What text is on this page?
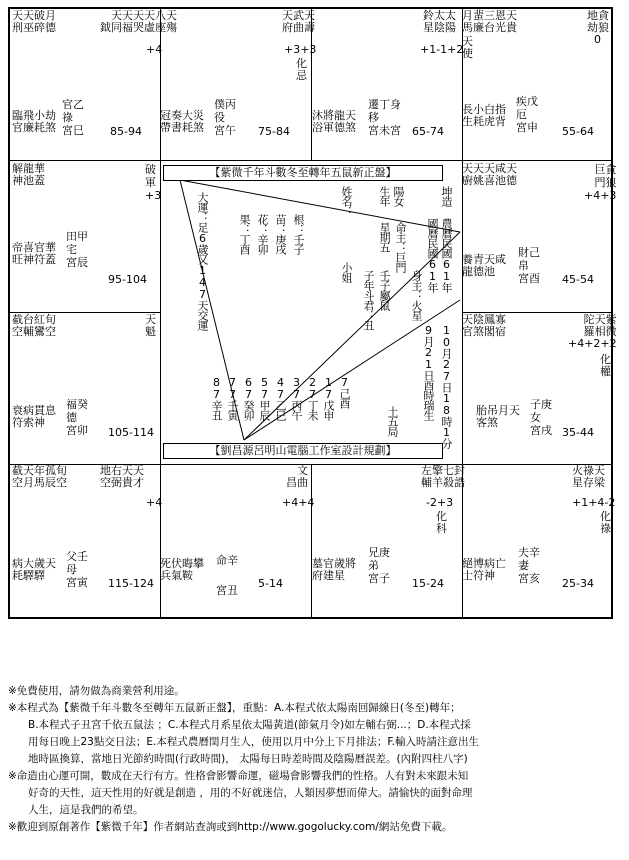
天天破月
刑巫碎德
天天天天八天
鉞同福哭虛座殤
+4
臨飛小劫
官廉耗煞
官乙
祿
宮巳 85-94
冠奏大災
帶書耗煞
僕丙
役
宮午 75-84
天武天
府曲壽
+3+3
化
忌
沐將龍天
浴軍德煞
遷丁身
移
宮未宮 65-74
鈴太太
星陰陽
+1-1+2
月蜚三恩天
馬廉台光貴
天
使
地貪
劫狼
0
長小白指
生耗虎背
疾戊
厄
宮申 55-64
解龍華
神池蓋
破
軍
+3
帝喜官華
旺神符蓋
田甲
宅
宮辰
95-104
天天天咸天
廚姚喜池德
巨貪
門狼
+4+3
養青天咸
龍德池
財己
帛
宮酉 45-54
截台紅旬
空輔鸞空
天
魁
衰病貫息
符索神
福癸
德
宮卯 105-114
天陰鳳寡
官煞閣宿
陀天紫
羅相微
+4+2+2
化
權
胎吊月天
客煞
子庚
女
宮戌 35-44
截天年孤旬
空月馬辰空
地右天天
空弼貴才
+4
病大歲天
耗驛驛
父壬
母
宮寅 115-124
文
昌曲
+4+4
死伏晦攀
兵氣鞍
命辛
宮丑
5-14
左擎七封
輔羊殺誥
-2+3
化
科
墓官歲將
府建星
兄庚
弟
宮子 15-24
火祿天
星存梁
+1+4-2
化
祿
絕博病亡
士符神
夫辛
妻
宮亥 25-34
【紫微千年斗數冬至轉年五鼠新正盤】
【劉昌源呂明山電腦工作室設計規劃】
大運：足6歲又147天交運	果：丁酉 花：辛卯 苗：庚戌 根：壬子
姓名：
小姐
生年 陽女
星期五
壬子屬鼠
命主：巨門
身主：火星
子年斗君：丑
坤造
國曆民國61年 農曆民國61年
10月27日18時1分
9月21日酉時瑞生
土五局
87辛丑 77壬寅 67癸卯 57甲辰 47乙巳 37丙午 27丁未 17戊申 7己酉
※免費使用，請勿做為商業營利用途。
※本程式為【紫微千年斗數冬至轉年五鼠新正盤】，重點：A.本程式依太陽南回歸線日(冬至)轉年；
B.本程式子丑宮千依五鼠法 ；C.本程式月系星依太陽黃道(節氣月令)如左輔右弼...；D.本程式採
用每日晚上23點交日法；E.本程式農曆閏月生人，使用以月中分上下月排法；F.輸入時請注意出生
地時區換算，當地日光節約時間(行政時間)， 太陽每日時差時間及陰陽曆誤差。(內附四柱八字)
※命造由心運可開，數成在天行有方。性格會影響命運，磁場會影響我們的性格。人有對未來跟未知
好奇的天性，這天性用的好就是創造 ，用的不好就迷信，人類因夢想而偉大。請愉快的面對命理
人生，這是我們的希望。
※歡迎到原創著作【紫微千年】作者網站查詢或到http://www.gogolucky.com/網站免費下載。
